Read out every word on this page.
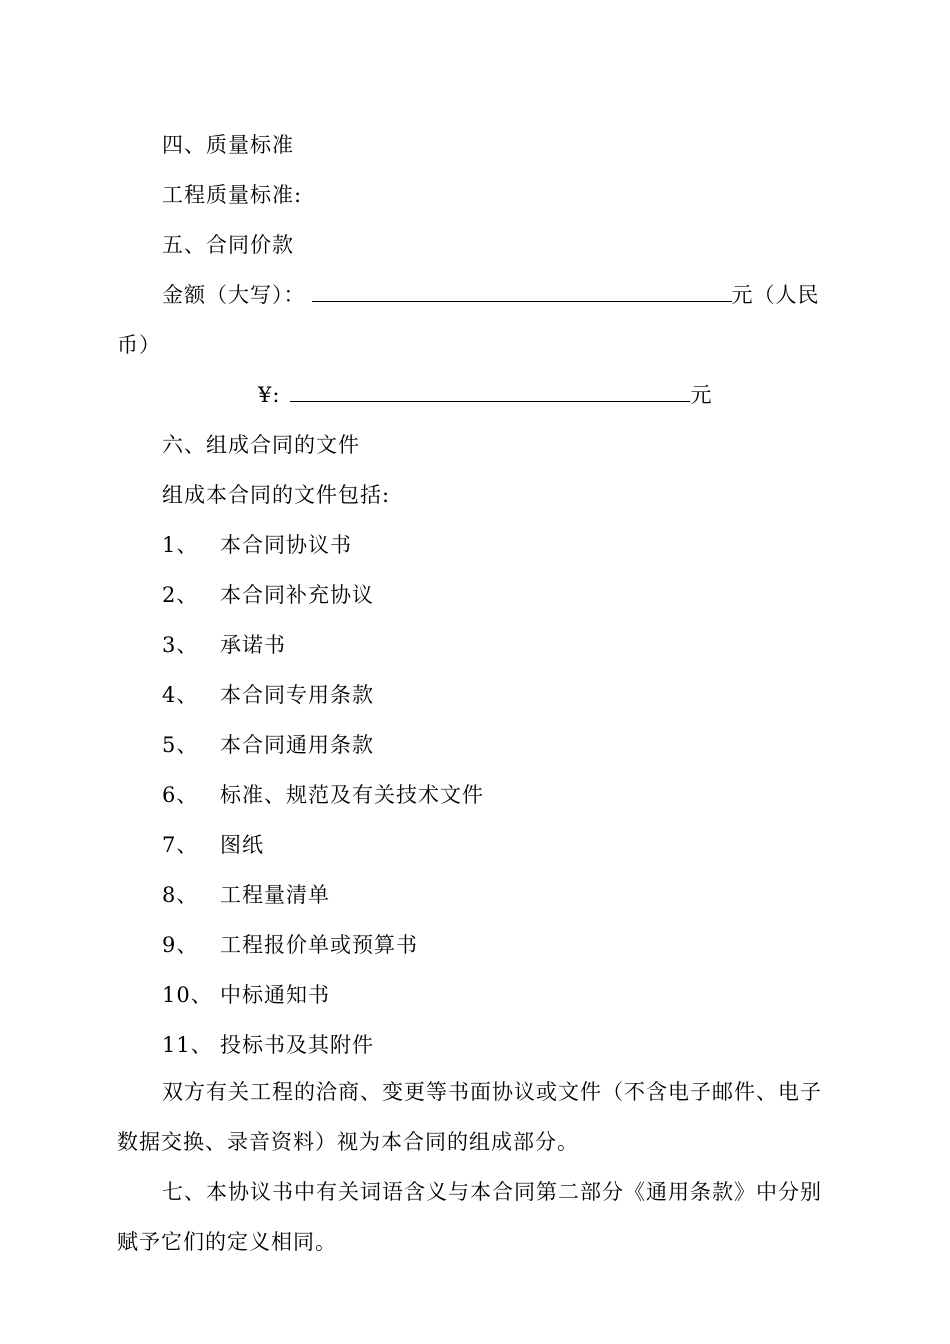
四、质量标准
工程质量标准:
五、合同价款
金额（大写）：	元（人民
币）
¥:	元
六、组成合同的文件
组成本合同的文件包括:
1、 本合同协议书
2、 本合同补充协议
3、 承诺书
4、 本合同专用条款
5、 本合同通用条款
6、 标准、规范及有关技术文件
7、 图纸
8、 工程量清单
9、 工程报价单或预算书
10、 中标通知书
11、 投标书及其附件
双方有关工程的洽商、变更等书面协议或文件（不含电子邮件、电子
数据交换、录音资料）视为本合同的组成部分。
七、本协议书中有关词语含义与本合同第二部分《通用条款》中分别
赋予它们的定义相同。
